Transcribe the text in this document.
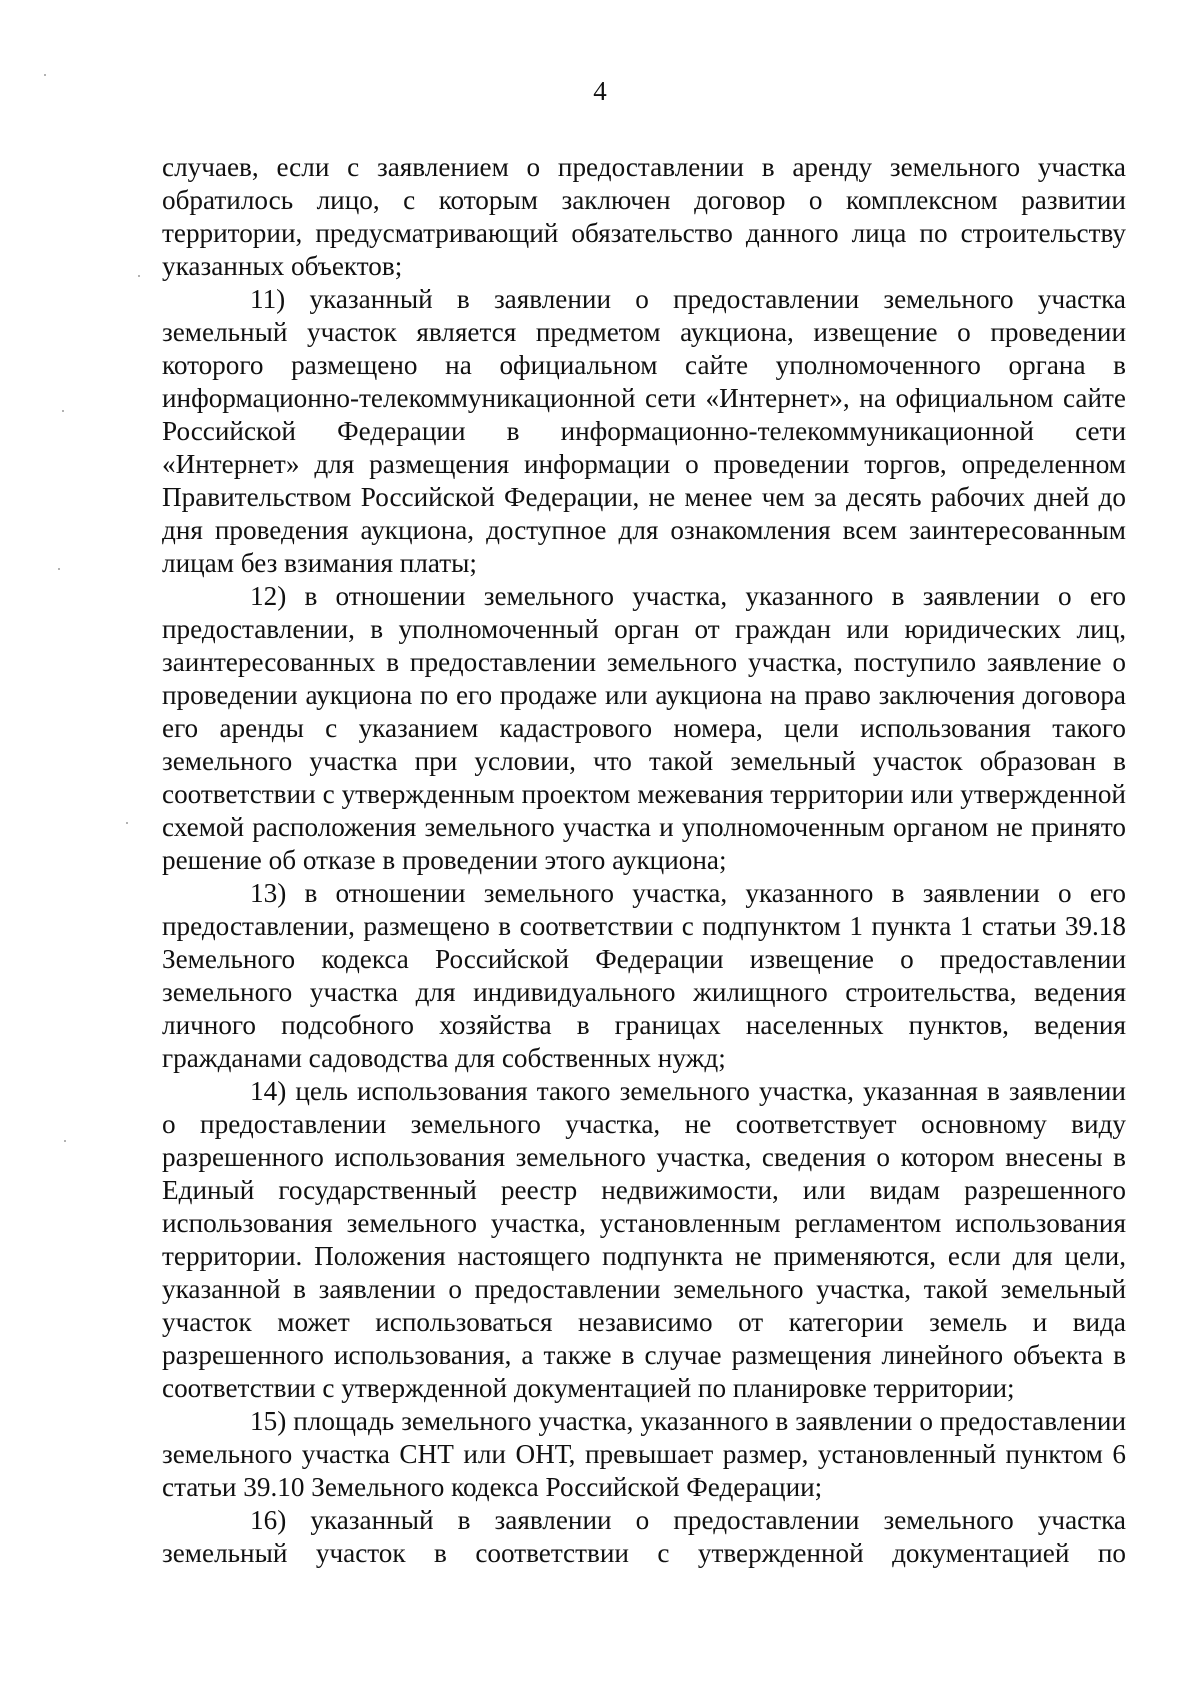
4

случаев, если с заявлением о предоставлении в аренду земельного участка обратилось лицо, с которым заключен договор о комплексном развитии территории, предусматривающий обязательство данного лица по строительству указанных объектов;

11) указанный в заявлении о предоставлении земельного участка земельный участок является предметом аукциона, извещение о проведении которого размещено на официальном сайте уполномоченного органа в информационно-телекоммуникационной сети «Интернет», на официальном сайте Российской Федерации в информационно-телекоммуникационной сети «Интернет» для размещения информации о проведении торгов, определенном Правительством Российской Федерации, не менее чем за десять рабочих дней до дня проведения аукциона, доступное для ознакомления всем заинтересованным лицам без взимания платы;

12) в отношении земельного участка, указанного в заявлении о его предоставлении, в уполномоченный орган от граждан или юридических лиц, заинтересованных в предоставлении земельного участка, поступило заявление о проведении аукциона по его продаже или аукциона на право заключения договора его аренды с указанием кадастрового номера, цели использования такого земельного участка при условии, что такой земельный участок образован в соответствии с утвержденным проектом межевания территории или утвержденной схемой расположения земельного участка и уполномоченным органом не принято решение об отказе в проведении этого аукциона;

13) в отношении земельного участка, указанного в заявлении о его предоставлении, размещено в соответствии с подпунктом 1 пункта 1 статьи 39.18 Земельного кодекса Российской Федерации извещение о предоставлении земельного участка для индивидуального жилищного строительства, ведения личного подсобного хозяйства в границах населенных пунктов, ведения гражданами садоводства для собственных нужд;

14) цель использования такого земельного участка, указанная в заявлении о предоставлении земельного участка, не соответствует основному виду разрешенного использования земельного участка, сведения о котором внесены в Единый государственный реестр недвижимости, или видам разрешенного использования земельного участка, установленным регламентом использования территории. Положения настоящего подпункта не применяются, если для цели, указанной в заявлении о предоставлении земельного участка, такой земельный участок может использоваться независимо от категории земель и вида разрешенного использования, а также в случае размещения линейного объекта в соответствии с утвержденной документацией по планировке территории;

15) площадь земельного участка, указанного в заявлении о предоставлении земельного участка СНТ или ОНТ, превышает размер, установленный пунктом 6 статьи 39.10 Земельного кодекса Российской Федерации;

16) указанный в заявлении о предоставлении земельного участка земельный участок в соответствии с утвержденной документацией по
